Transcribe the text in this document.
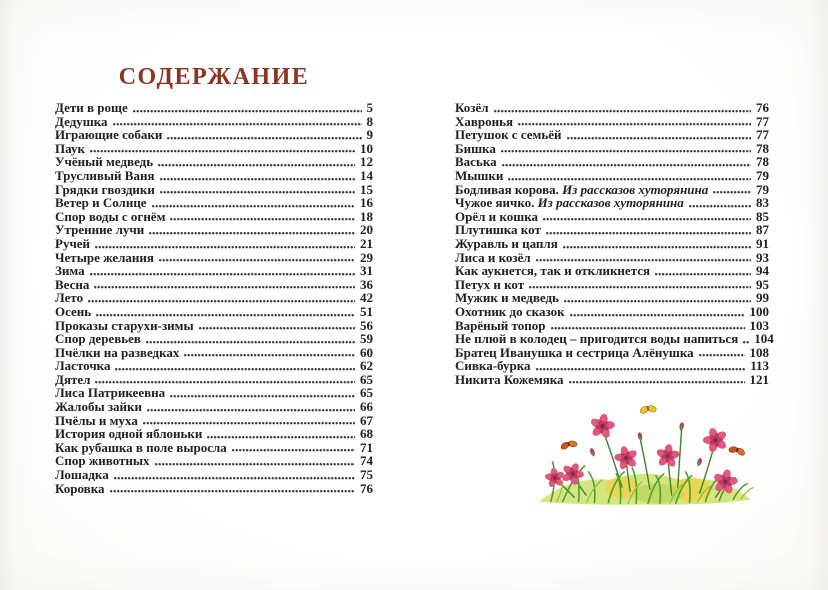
СОДЕРЖАНИЕ
Дети в роще	5
Дедушка	8
Играющие собаки	9
Паук	10
Учёный медведь	12
Трусливый Ваня	14
Грядки гвоздики	15
Ветер и Солнце	16
Спор воды с огнём	18
Утренние лучи	20
Ручей	21
Четыре желания	29
Зима	31
Весна	36
Лето	42
Осень	51
Проказы старухи-зимы	56
Спор деревьев	59
Пчёлки на разведках	60
Ласточка	62
Дятел	65
Лиса Патрикеевна	65
Жалобы зайки	66
Пчёлы и муха	67
История одной яблоньки	68
Как рубашка в поле выросла	71
Спор животных	74
Лошадка	75
Коровка	76
Козёл	76
Хавронья	77
Петушок с семьёй	77
Бишка	78
Васька	78
Мышки	79
Бодливая корова. Из рассказов хуторянина	79
Чужое яичко. Из рассказов хуторянина	83
Орёл и кошка	85
Плутишка кот	87
Журавль и цапля	91
Лиса и козёл	93
Как аукнется, так и откликнется	94
Петух и кот	95
Мужик и медведь	99
Охотник до сказок	100
Варёный топор	103
Не плюй в колодец – пригодится воды напиться 104
Братец Иванушка и сестрица Алёнушка	108
Сивка-бурка	113
Никита Кожемяка	121
